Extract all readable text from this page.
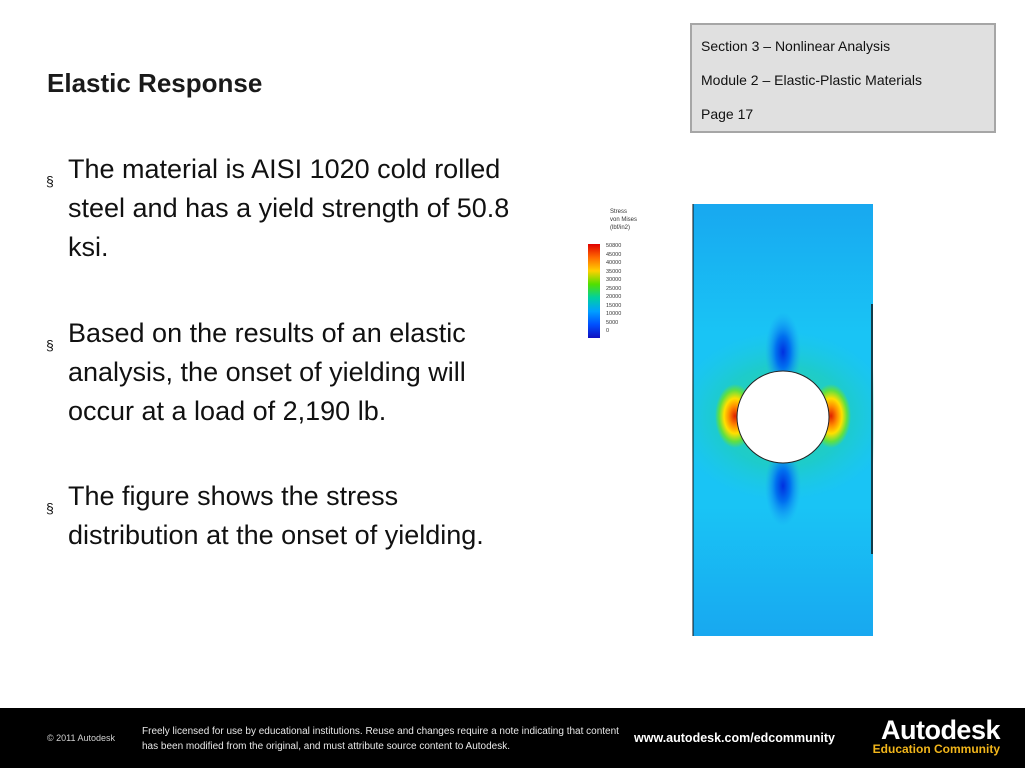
Section 3 – Nonlinear Analysis
Module 2 – Elastic-Plastic Materials
Page 17
Elastic Response
§ The material is AISI 1020 cold rolled steel and has a yield strength of 50.8 ksi.
§ Based on the results of an elastic analysis, the onset of yielding will occur at a load of 2,190 lb.
§ The figure shows the stress distribution at the onset of yielding.
Stress
von Mises
(lbf/in2)
50800
45000
40000
35000
30000
25000
20000
15000
10000
5000
0
© 2011 Autodesk
Freely licensed for use by educational institutions. Reuse and changes require a note indicating that content has been modified from the original, and must attribute source content to Autodesk.
www.autodesk.com/edcommunity	Autodesk
Education Community
